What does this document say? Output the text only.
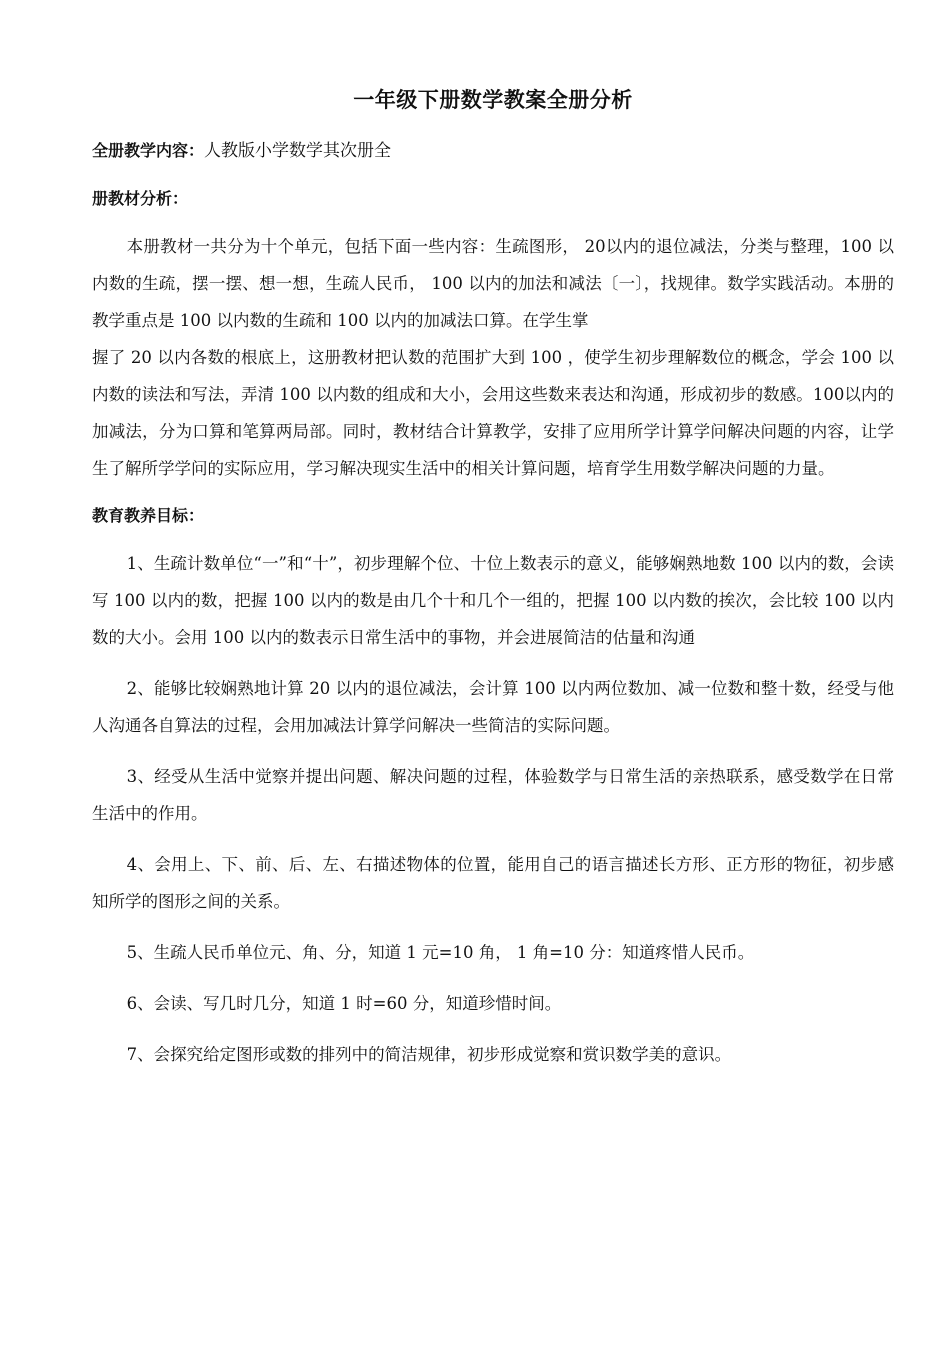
一年级下册数学教案全册分析

全册教学内容：人教版小学数学其次册全

册教材分析：

本册教材一共分为十个单元，包括下面一些内容：生疏图形， 20以内的退位减法，分类与整理，100 以内数的生疏，摆一摆、想一想，生疏人民币， 100 以内的加法和减法〔一〕，找规律。数学实践活动。本册的教学重点是 100 以内数的生疏和 100 以内的加减法口算。在学生掌

握了 20 以内各数的根底上，这册教材把认数的范围扩大到 100 ，使学生初步理解数位的概念，学会 100 以内数的读法和写法，弄清 100 以内数的组成和大小，会用这些数来表达和沟通，形成初步的数感。100以内的加减法，分为口算和笔算两局部。同时，教材结合计算教学，安排了应用所学计算学问解决问题的内容，让学生了解所学学问的实际应用，学习解决现实生活中的相关计算问题，培育学生用数学解决问题的力量。

教育教养目标：

1、生疏计数单位“一”和“十”，初步理解个位、十位上数表示的意义，能够娴熟地数 100 以内的数，会读写 100 以内的数，把握 100 以内的数是由几个十和几个一组的，把握 100 以内数的挨次，会比较 100 以内数的大小。会用 100 以内的数表示日常生活中的事物，并会进展简洁的估量和沟通

2、能够比较娴熟地计算 20 以内的退位减法，会计算 100 以内两位数加、减一位数和整十数，经受与他人沟通各自算法的过程，会用加减法计算学问解决一些简洁的实际问题。

3、经受从生活中觉察并提出问题、解决问题的过程，体验数学与日常生活的亲热联系，感受数学在日常生活中的作用。

4、会用上、下、前、后、左、右描述物体的位置，能用自己的语言描述长方形、正方形的物征，初步感知所学的图形之间的关系。

5、生疏人民币单位元、角、分，知道 1 元=10 角， 1 角=10 分：知道疼惜人民币。

6、会读、写几时几分，知道 1 时=60 分，知道珍惜时间。

7、会探究给定图形或数的排列中的简洁规律，初步形成觉察和赏识数学美的意识。
